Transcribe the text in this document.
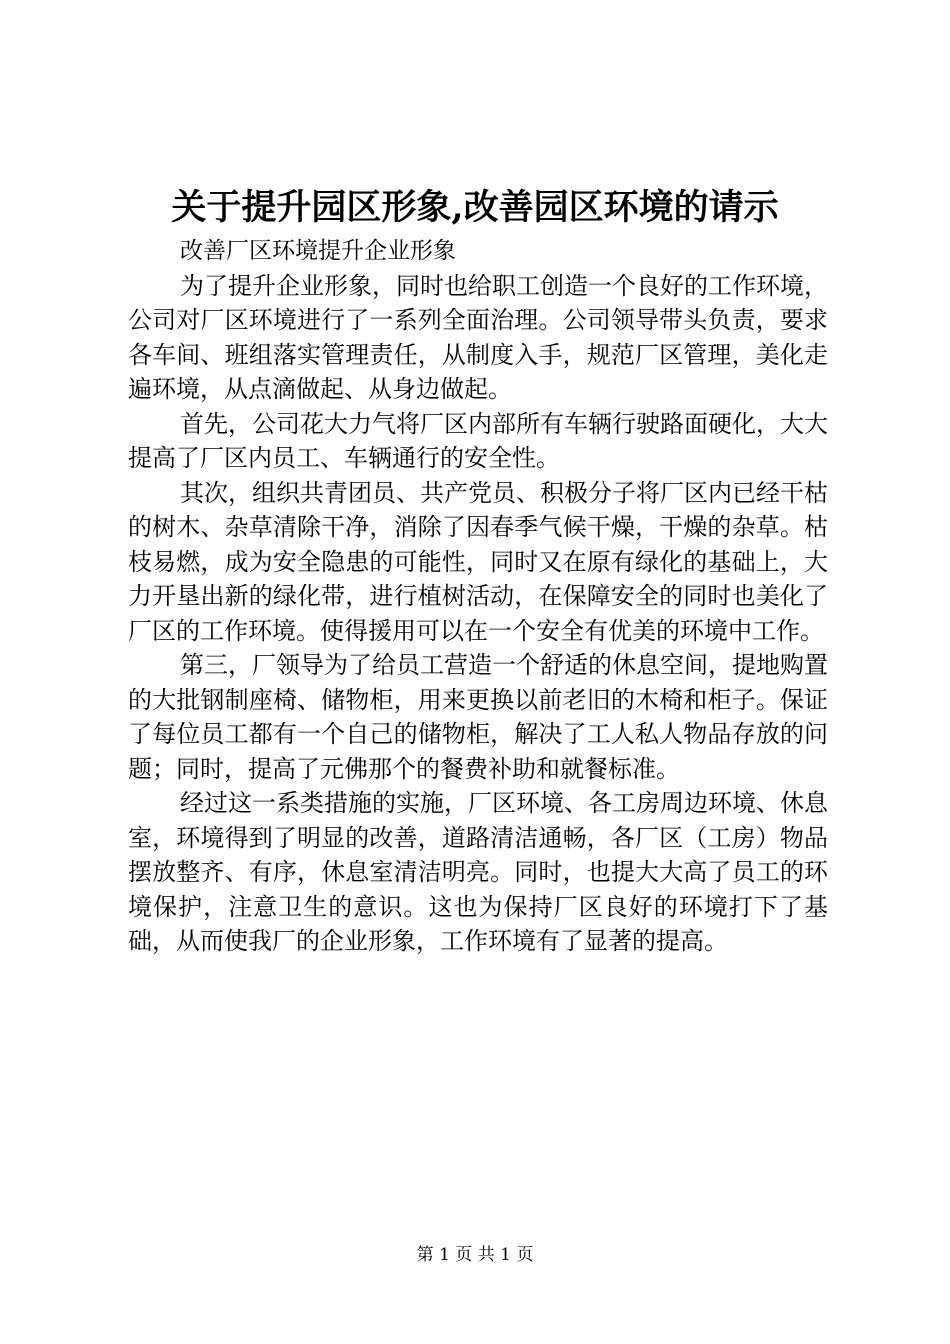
关于提升园区形象,改善园区环境的请示

改善厂区环境提升企业形象

为了提升企业形象，同时也给职工创造一个良好的工作环境，公司对厂区环境进行了一系列全面治理。公司领导带头负责，要求各车间、班组落实管理责任，从制度入手，规范厂区管理，美化走遍环境，从点滴做起、从身边做起。

首先，公司花大力气将厂区内部所有车辆行驶路面硬化，大大提高了厂区内员工、车辆通行的安全性。

其次，组织共青团员、共产党员、积极分子将厂区内已经干枯的树木、杂草清除干净，消除了因春季气候干燥，干燥的杂草。枯枝易燃，成为安全隐患的可能性，同时又在原有绿化的基础上，大力开垦出新的绿化带，进行植树活动，在保障安全的同时也美化了厂区的工作环境。使得援用可以在一个安全有优美的环境中工作。

第三，厂领导为了给员工营造一个舒适的休息空间，提地购置的大批钢制座椅、储物柜，用来更换以前老旧的木椅和柜子。保证了每位员工都有一个自己的储物柜，解决了工人私人物品存放的问题；同时，提高了元佛那个的餐费补助和就餐标准。

经过这一系类措施的实施，厂区环境、各工房周边环境、休息室，环境得到了明显的改善，道路清洁通畅，各厂区（工房）物品摆放整齐、有序，休息室清洁明亮。同时，也提大大高了员工的环境保护，注意卫生的意识。这也为保持厂区良好的环境打下了基础，从而使我厂的企业形象，工作环境有了显著的提高。

第 1 页 共 1 页
